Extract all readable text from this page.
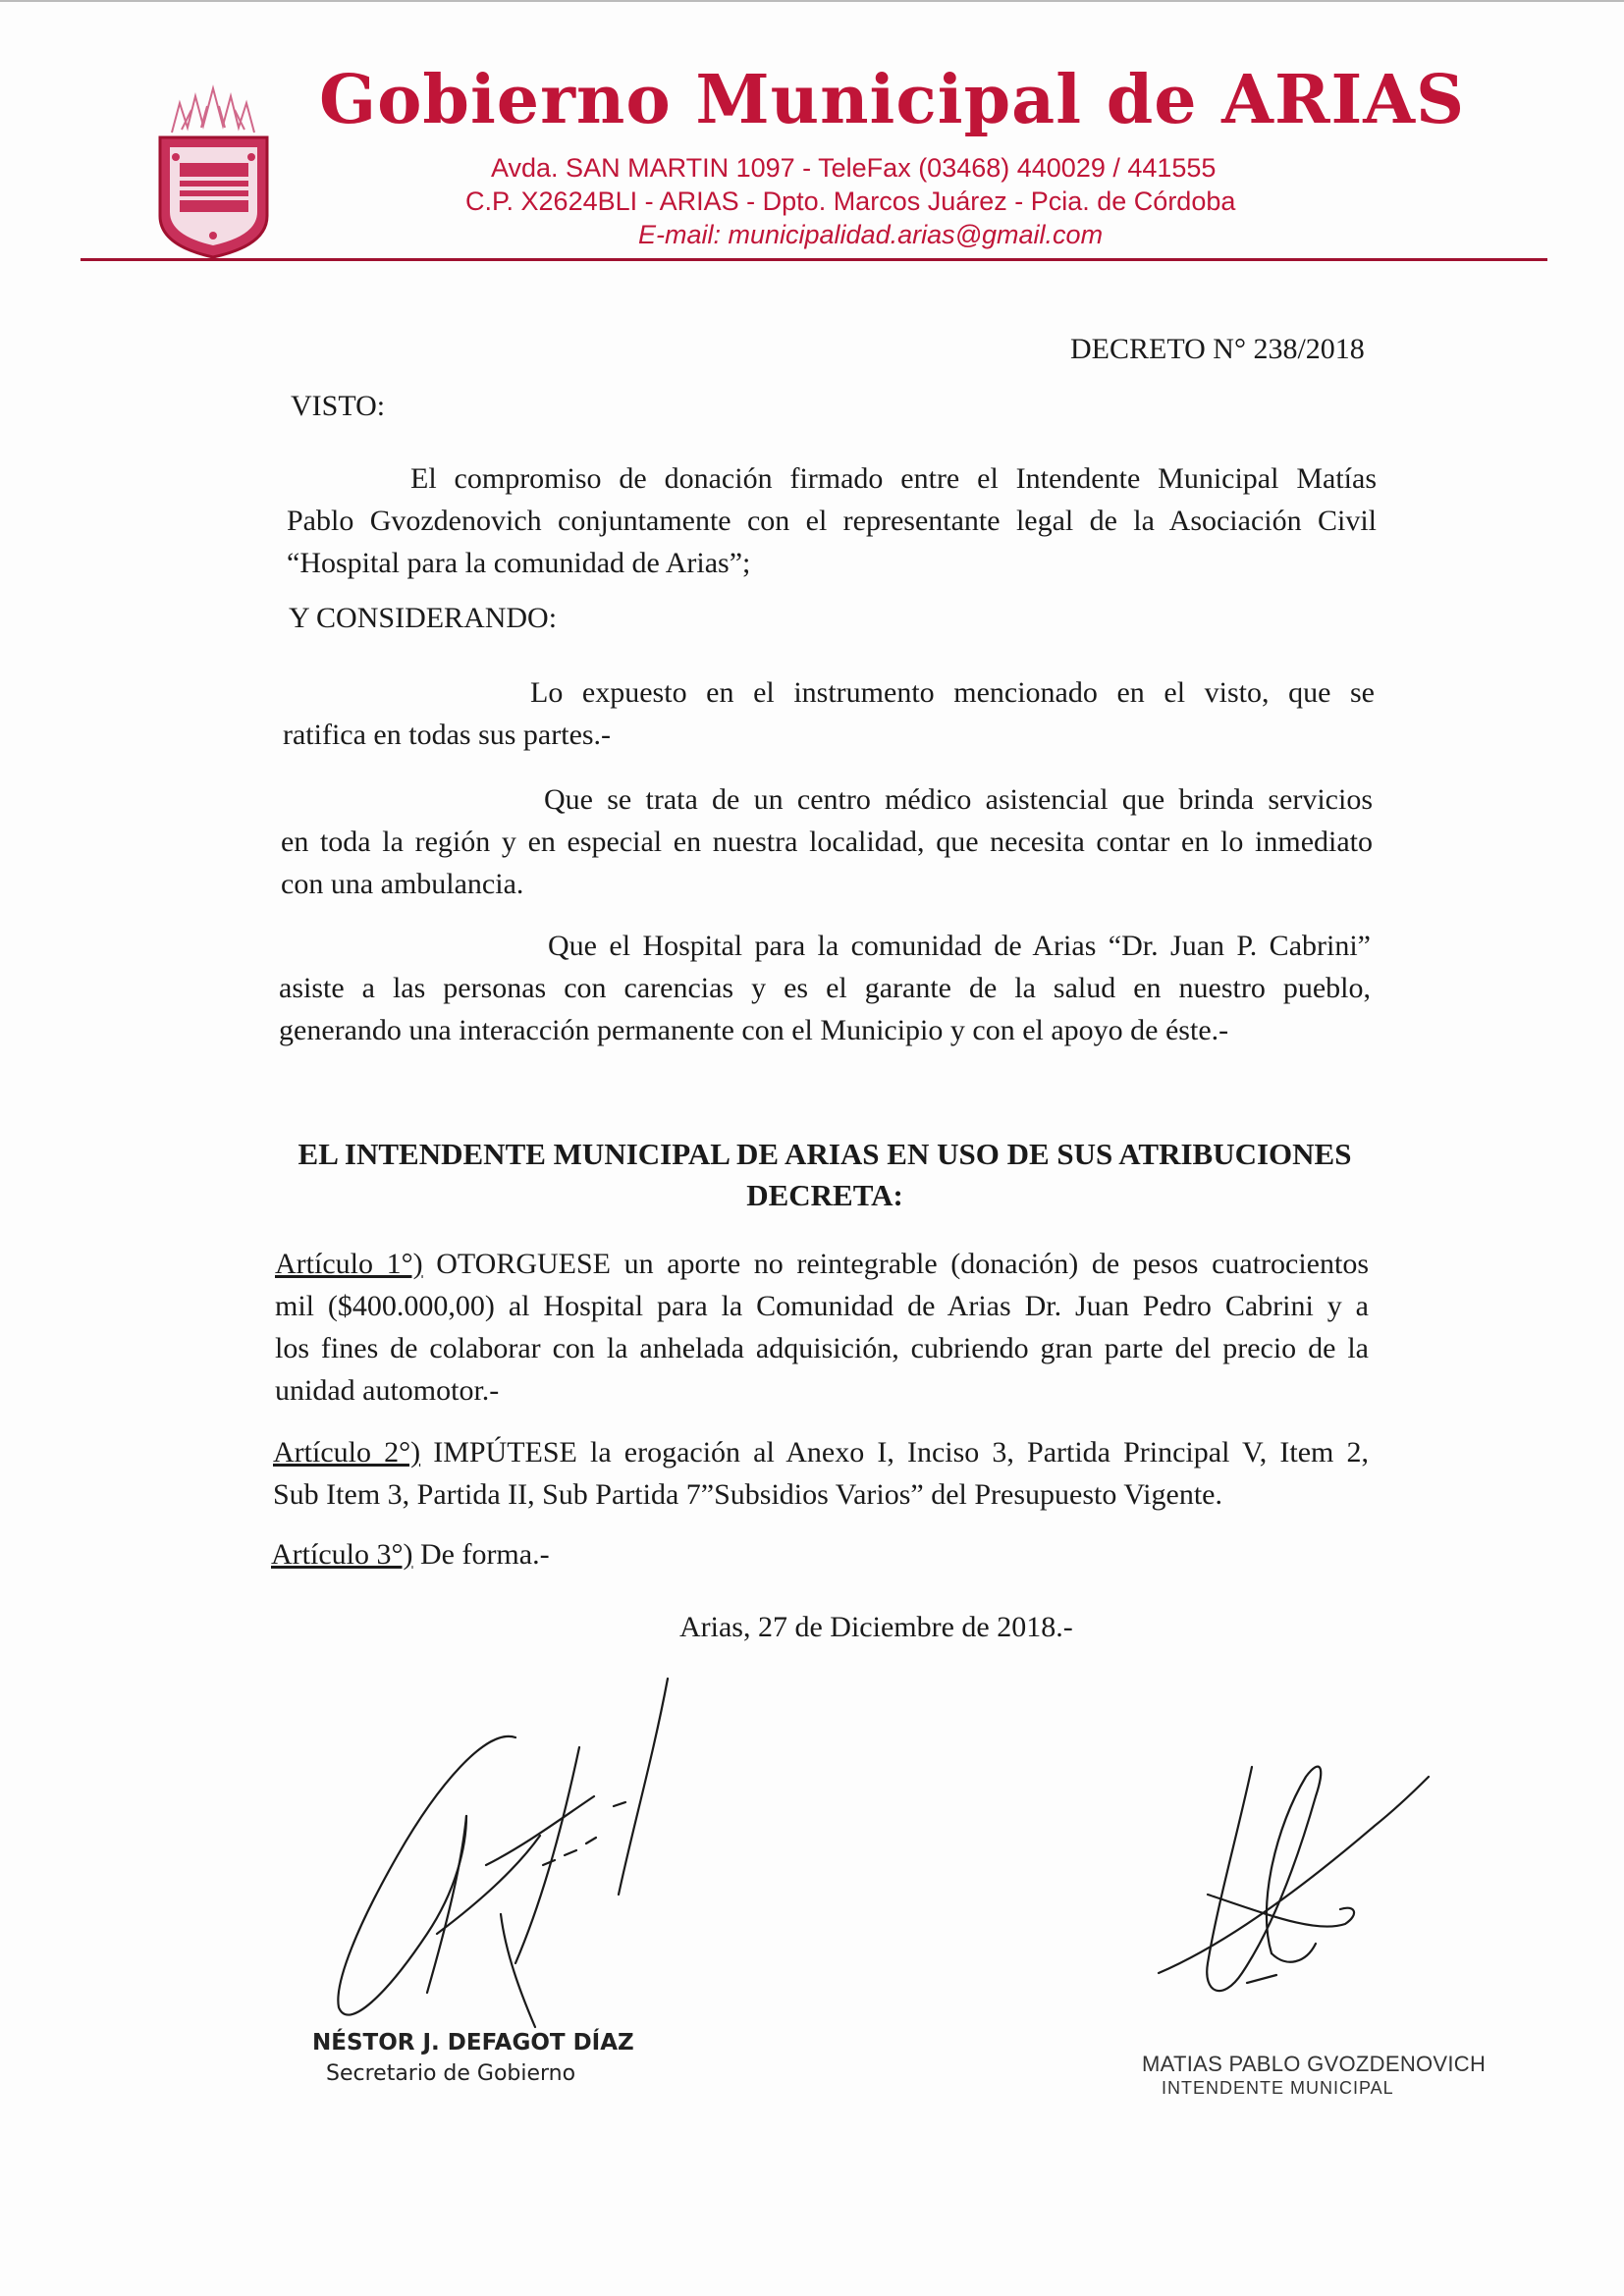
Gobierno Municipal de ARIAS
Avda. SAN MARTIN 1097 - TeleFax (03468) 440029 / 441555
C.P. X2624BLI - ARIAS - Dpto. Marcos Juárez - Pcia. de Córdoba
E-mail: municipalidad.arias@gmail.com
DECRETO N° 238/2018
VISTO:
El compromiso de donación firmado entre el Intendente Municipal Matías
Pablo Gvozdenovich conjuntamente con el representante legal de la Asociación Civil
“Hospital para la comunidad de Arias”;
Y CONSIDERANDO:
Lo expuesto en el instrumento mencionado en el visto, que se
ratifica en todas sus partes.-
Que se trata de un centro médico asistencial que brinda servicios
en toda la región y en especial en nuestra localidad, que necesita contar en lo inmediato
con una ambulancia.
Que el Hospital para la comunidad de Arias “Dr. Juan P. Cabrini”
asiste a las personas con carencias y es el garante de la salud en nuestro pueblo,
generando una interacción permanente con el Municipio y con el apoyo de éste.-
EL INTENDENTE MUNICIPAL DE ARIAS EN USO DE SUS ATRIBUCIONES
DECRETA:
Artículo 1°) OTORGUESE un aporte no reintegrable (donación) de pesos cuatrocientos
mil ($400.000,00) al Hospital para la Comunidad de Arias Dr. Juan Pedro Cabrini y a
los fines de colaborar con la anhelada adquisición, cubriendo gran parte del precio de la
unidad automotor.-
Artículo 2°) IMPÚTESE la erogación al Anexo I, Inciso 3, Partida Principal V, Item 2,
Sub Item 3, Partida II, Sub Partida 7”Subsidios Varios” del Presupuesto Vigente.
Artículo 3°) De forma.-
Arias, 27 de Diciembre de 2018.-
NÉSTOR J. DEFAGOT DÍAZ
Secretario de Gobierno	MATIAS PABLO GVOZDENOVICH
INTENDENTE MUNICIPAL
